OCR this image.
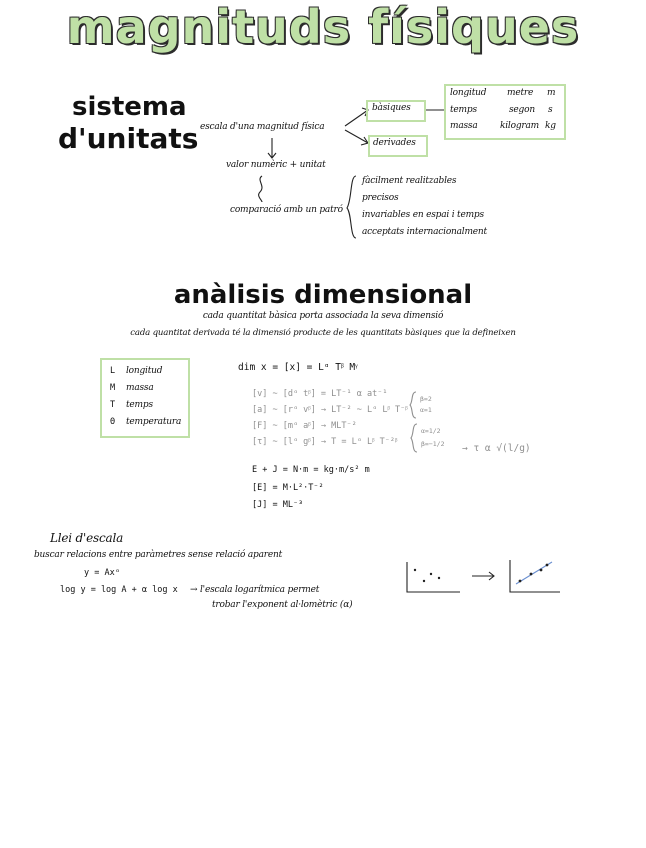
magnituds físiques
sistema
d'unitats escala d'una magnitud física
bàsiques
derivades
longitud metre m
temps	segon s
massa kilogram kg
valor numèric + unitat
comparació amb un patró
fàcilment realitzables
precisos
invariables en espai i temps
acceptats internacionalment
anàlisis dimensional
cada quantitat bàsica porta associada la seva dimensió
cada quantitat derivada té la dimensió producte de les quantitats bàsiques que la defineixen
L longitud
M massa
T temps
Θ temperatura
dim x = [x] = Lᵅ Tᵝ Mᵞ
[v] ~ [dᵅ tᵝ] = LT⁻¹ α at⁻¹
[a] ~ [rᵅ vᵝ] → LT⁻² ~ Lᵅ Lᵝ T⁻ᵝ
[F] ~ [mᵅ aᵝ] → MLT⁻²
[τ] ~ [lᵅ gᵝ] → T = Lᵅ Lᵝ T⁻²ᵝ
→ τ α √(l/g)
β=2
α=1
α=1/2
β=−1/2
E + J = N·m = kg·m/s² m
[E] = M·L²·T⁻²
[J] = ML⁻³
Llei d'escala
buscar relacions entre paràmetres sense relació aparent
y = Axᵅ
log y = log A + α log x → l'escala logarítmica permet
trobar l'exponent al·lomètric (α)
